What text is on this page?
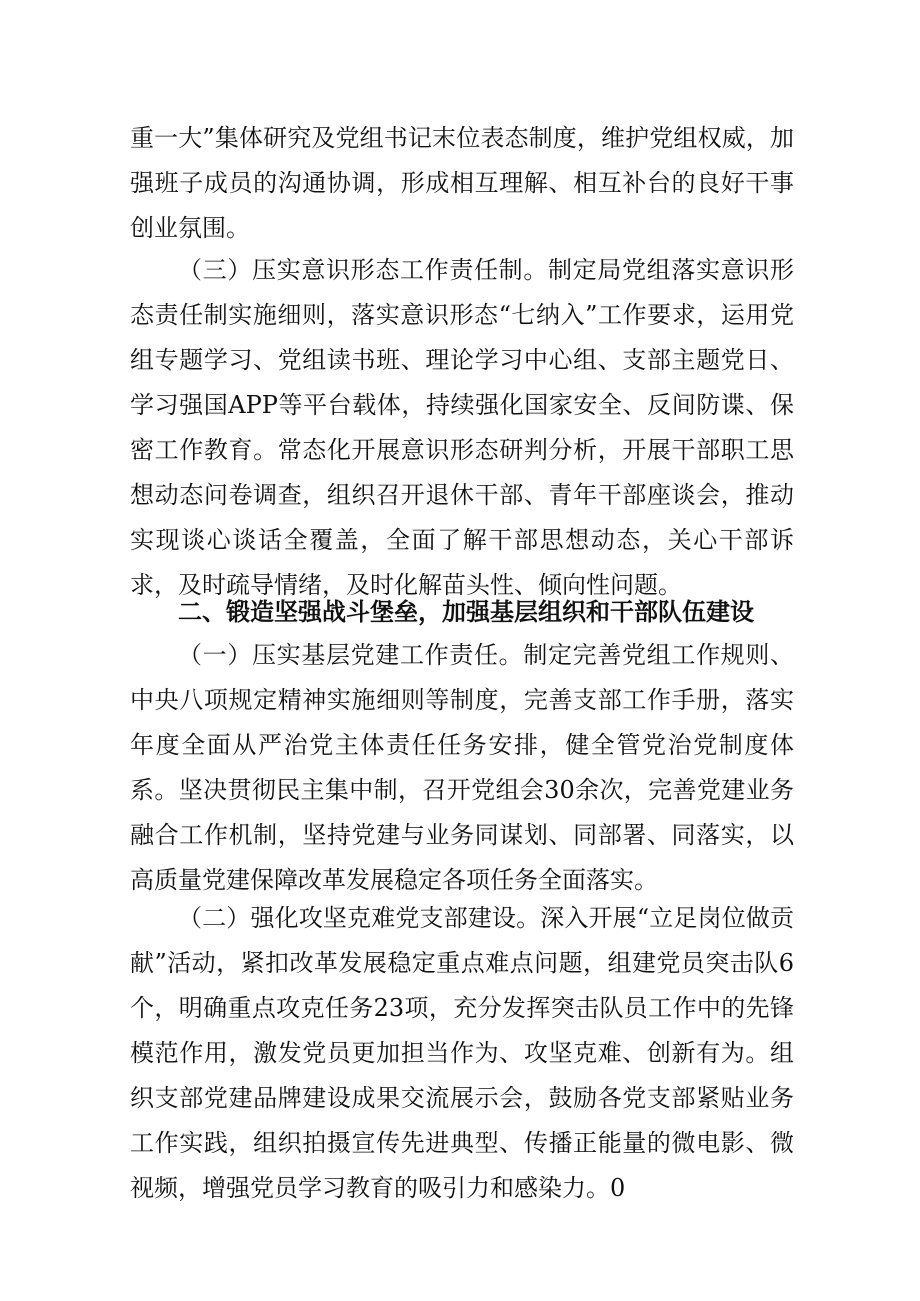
重一大”集体研究及党组书记末位表态制度，维护党组权威，加强班子成员的沟通协调，形成相互理解、相互补台的良好干事创业氛围。

（三）压实意识形态工作责任制。制定局党组落实意识形态责任制实施细则，落实意识形态“七纳入”工作要求，运用党组专题学习、党组读书班、理论学习中心组、支部主题党日、学习强国APP等平台载体，持续强化国家安全、反间防谍、保密工作教育。常态化开展意识形态研判分析，开展干部职工思想动态问卷调查，组织召开退休干部、青年干部座谈会，推动实现谈心谈话全覆盖，全面了解干部思想动态，关心干部诉求，及时疏导情绪，及时化解苗头性、倾向性问题。

二、锻造坚强战斗堡垒，加强基层组织和干部队伍建设

（一）压实基层党建工作责任。制定完善党组工作规则、中央八项规定精神实施细则等制度，完善支部工作手册，落实年度全面从严治党主体责任任务安排，健全管党治党制度体系。坚决贯彻民主集中制，召开党组会30余次，完善党建业务融合工作机制，坚持党建与业务同谋划、同部署、同落实，以高质量党建保障改革发展稳定各项任务全面落实。

（二）强化攻坚克难党支部建设。深入开展“立足岗位做贡献”活动，紧扣改革发展稳定重点难点问题，组建党员突击队6个，明确重点攻克任务23项，充分发挥突击队员工作中的先锋模范作用，激发党员更加担当作为、攻坚克难、创新有为。组织支部党建品牌建设成果交流展示会，鼓励各党支部紧贴业务工作实践，组织拍摄宣传先进典型、传播正能量的微电影、微视频，增强党员学习教育的吸引力和感染力。0
